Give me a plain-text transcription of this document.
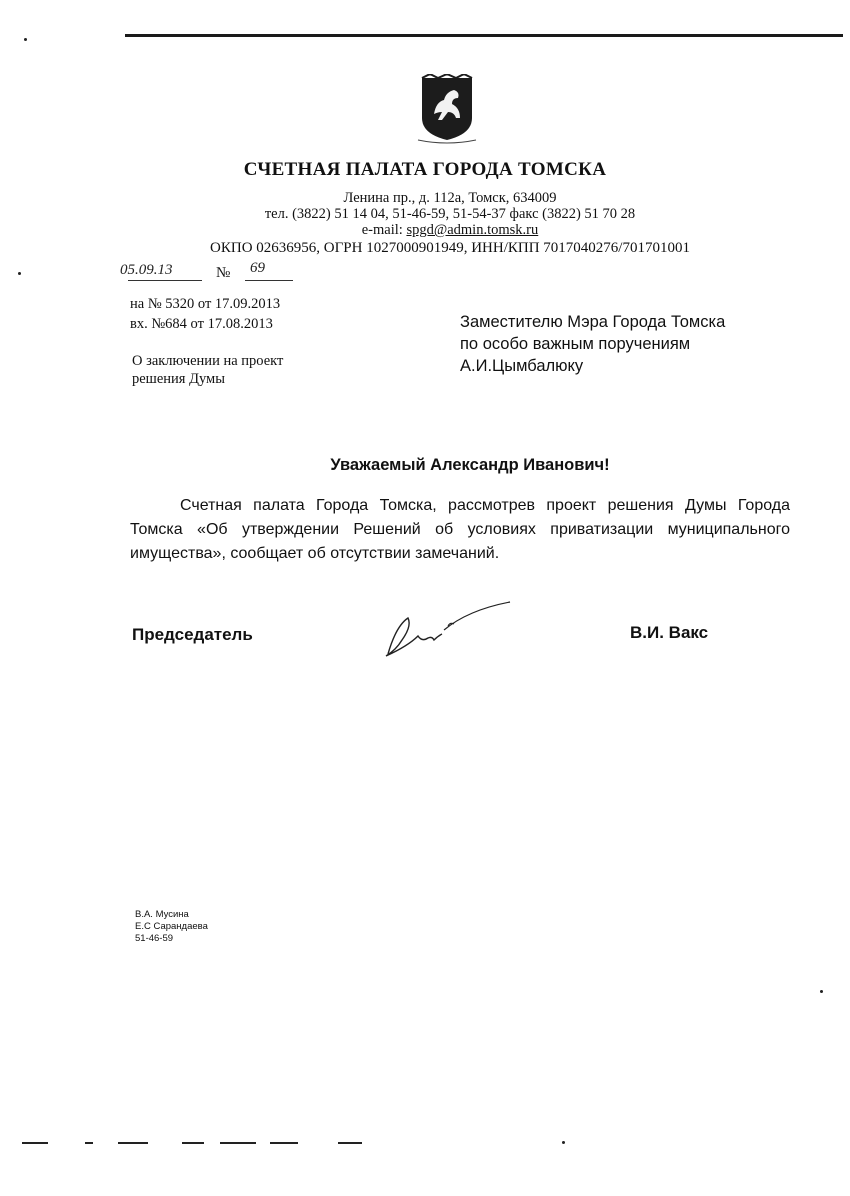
СЧЕТНАЯ ПАЛАТА ГОРОДА ТОМСКА
Ленина пр., д. 112а, Томск, 634009
тел. (3822) 51 14 04, 51-46-59, 51-54-37 факс (3822) 51 70 28
e-mail: spgd@admin.tomsk.ru
ОКПО 02636956, ОГРН 1027000901949, ИНН/КПП 7017040276/701701001
05.09.13	№ 69
на № 5320 от 17.09.2013
вх. №684 от 17.08.2013
О заключении на проект
решения Думы
Заместителю Мэра Города Томска
по особо важным поручениям
А.И.Цымбалюку
Уважаемый Александр Иванович!
Счетная палата Города Томска, рассмотрев проект решения Думы Города Томска «Об утверждении Решений об условиях приватизации муниципального имущества», сообщает об отсутствии замечаний.
Председатель	В.И. Вакс
В.А. Мусина
Е.С Сарандаева
51-46-59
